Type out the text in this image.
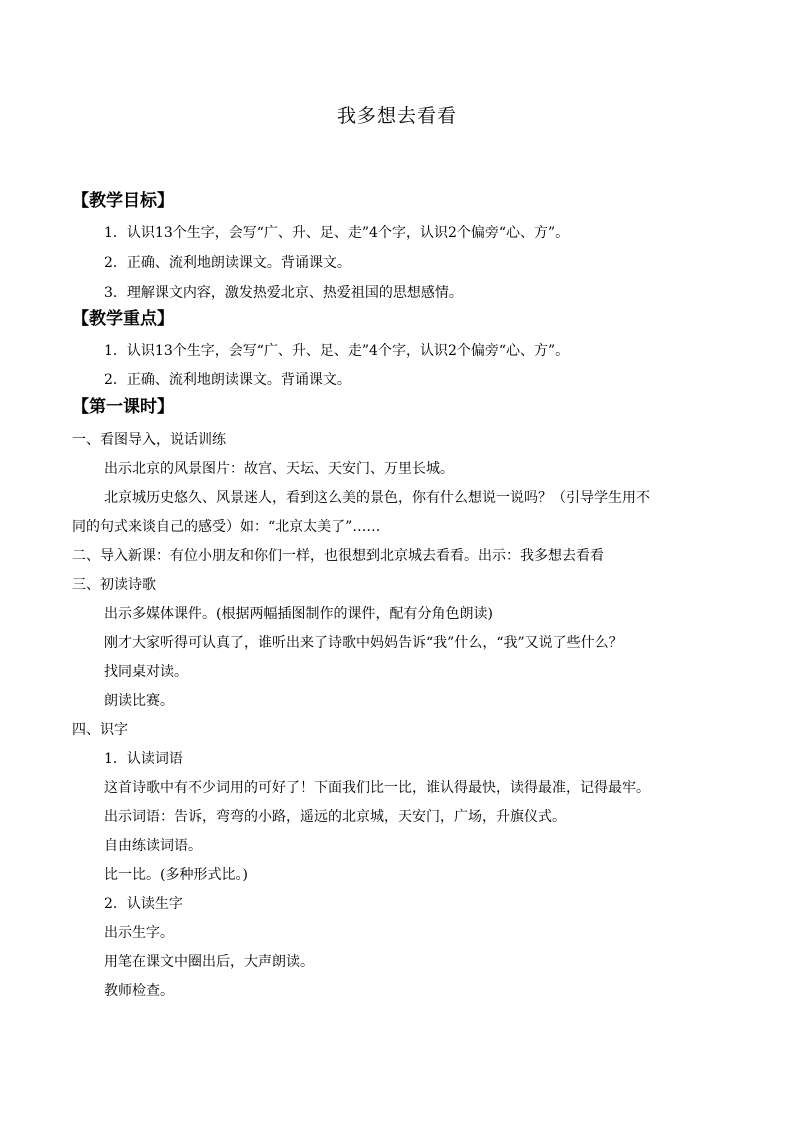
我多想去看看
【教学目标】
1．认识13个生字，会写“广、升、足、走”4个字，认识2个偏旁“心、方”。
2．正确、流利地朗读课文。背诵课文。
3．理解课文内容，激发热爱北京、热爱祖国的思想感情。
【教学重点】
1．认识13个生字，会写“广、升、足、走”4个字，认识2个偏旁“心、方”。
2．正确、流利地朗读课文。背诵课文。
【第一课时】
一、看图导入，说话训练
出示北京的风景图片：故宫、天坛、天安门、万里长城。
北京城历史悠久、风景迷人，看到这么美的景色，你有什么想说一说吗？（引导学生用不
同的句式来谈自己的感受）如：“北京太美了”……
二、导入新课：有位小朋友和你们一样，也很想到北京城去看看。出示：我多想去看看
三、初读诗歌
出示多媒体课件。(根据两幅插图制作的课件，配有分角色朗读)
刚才大家听得可认真了，谁听出来了诗歌中妈妈告诉“我”什么，“我”又说了些什么？
找同桌对读。
朗读比赛。
四、识字
1．认读词语
这首诗歌中有不少词用的可好了！下面我们比一比，谁认得最快，读得最准，记得最牢。
出示词语：告诉，弯弯的小路，遥远的北京城，天安门，广场，升旗仪式。
自由练读词语。
比一比。(多种形式比。)
2．认读生字
出示生字。
用笔在课文中圈出后，大声朗读。
教师检查。
